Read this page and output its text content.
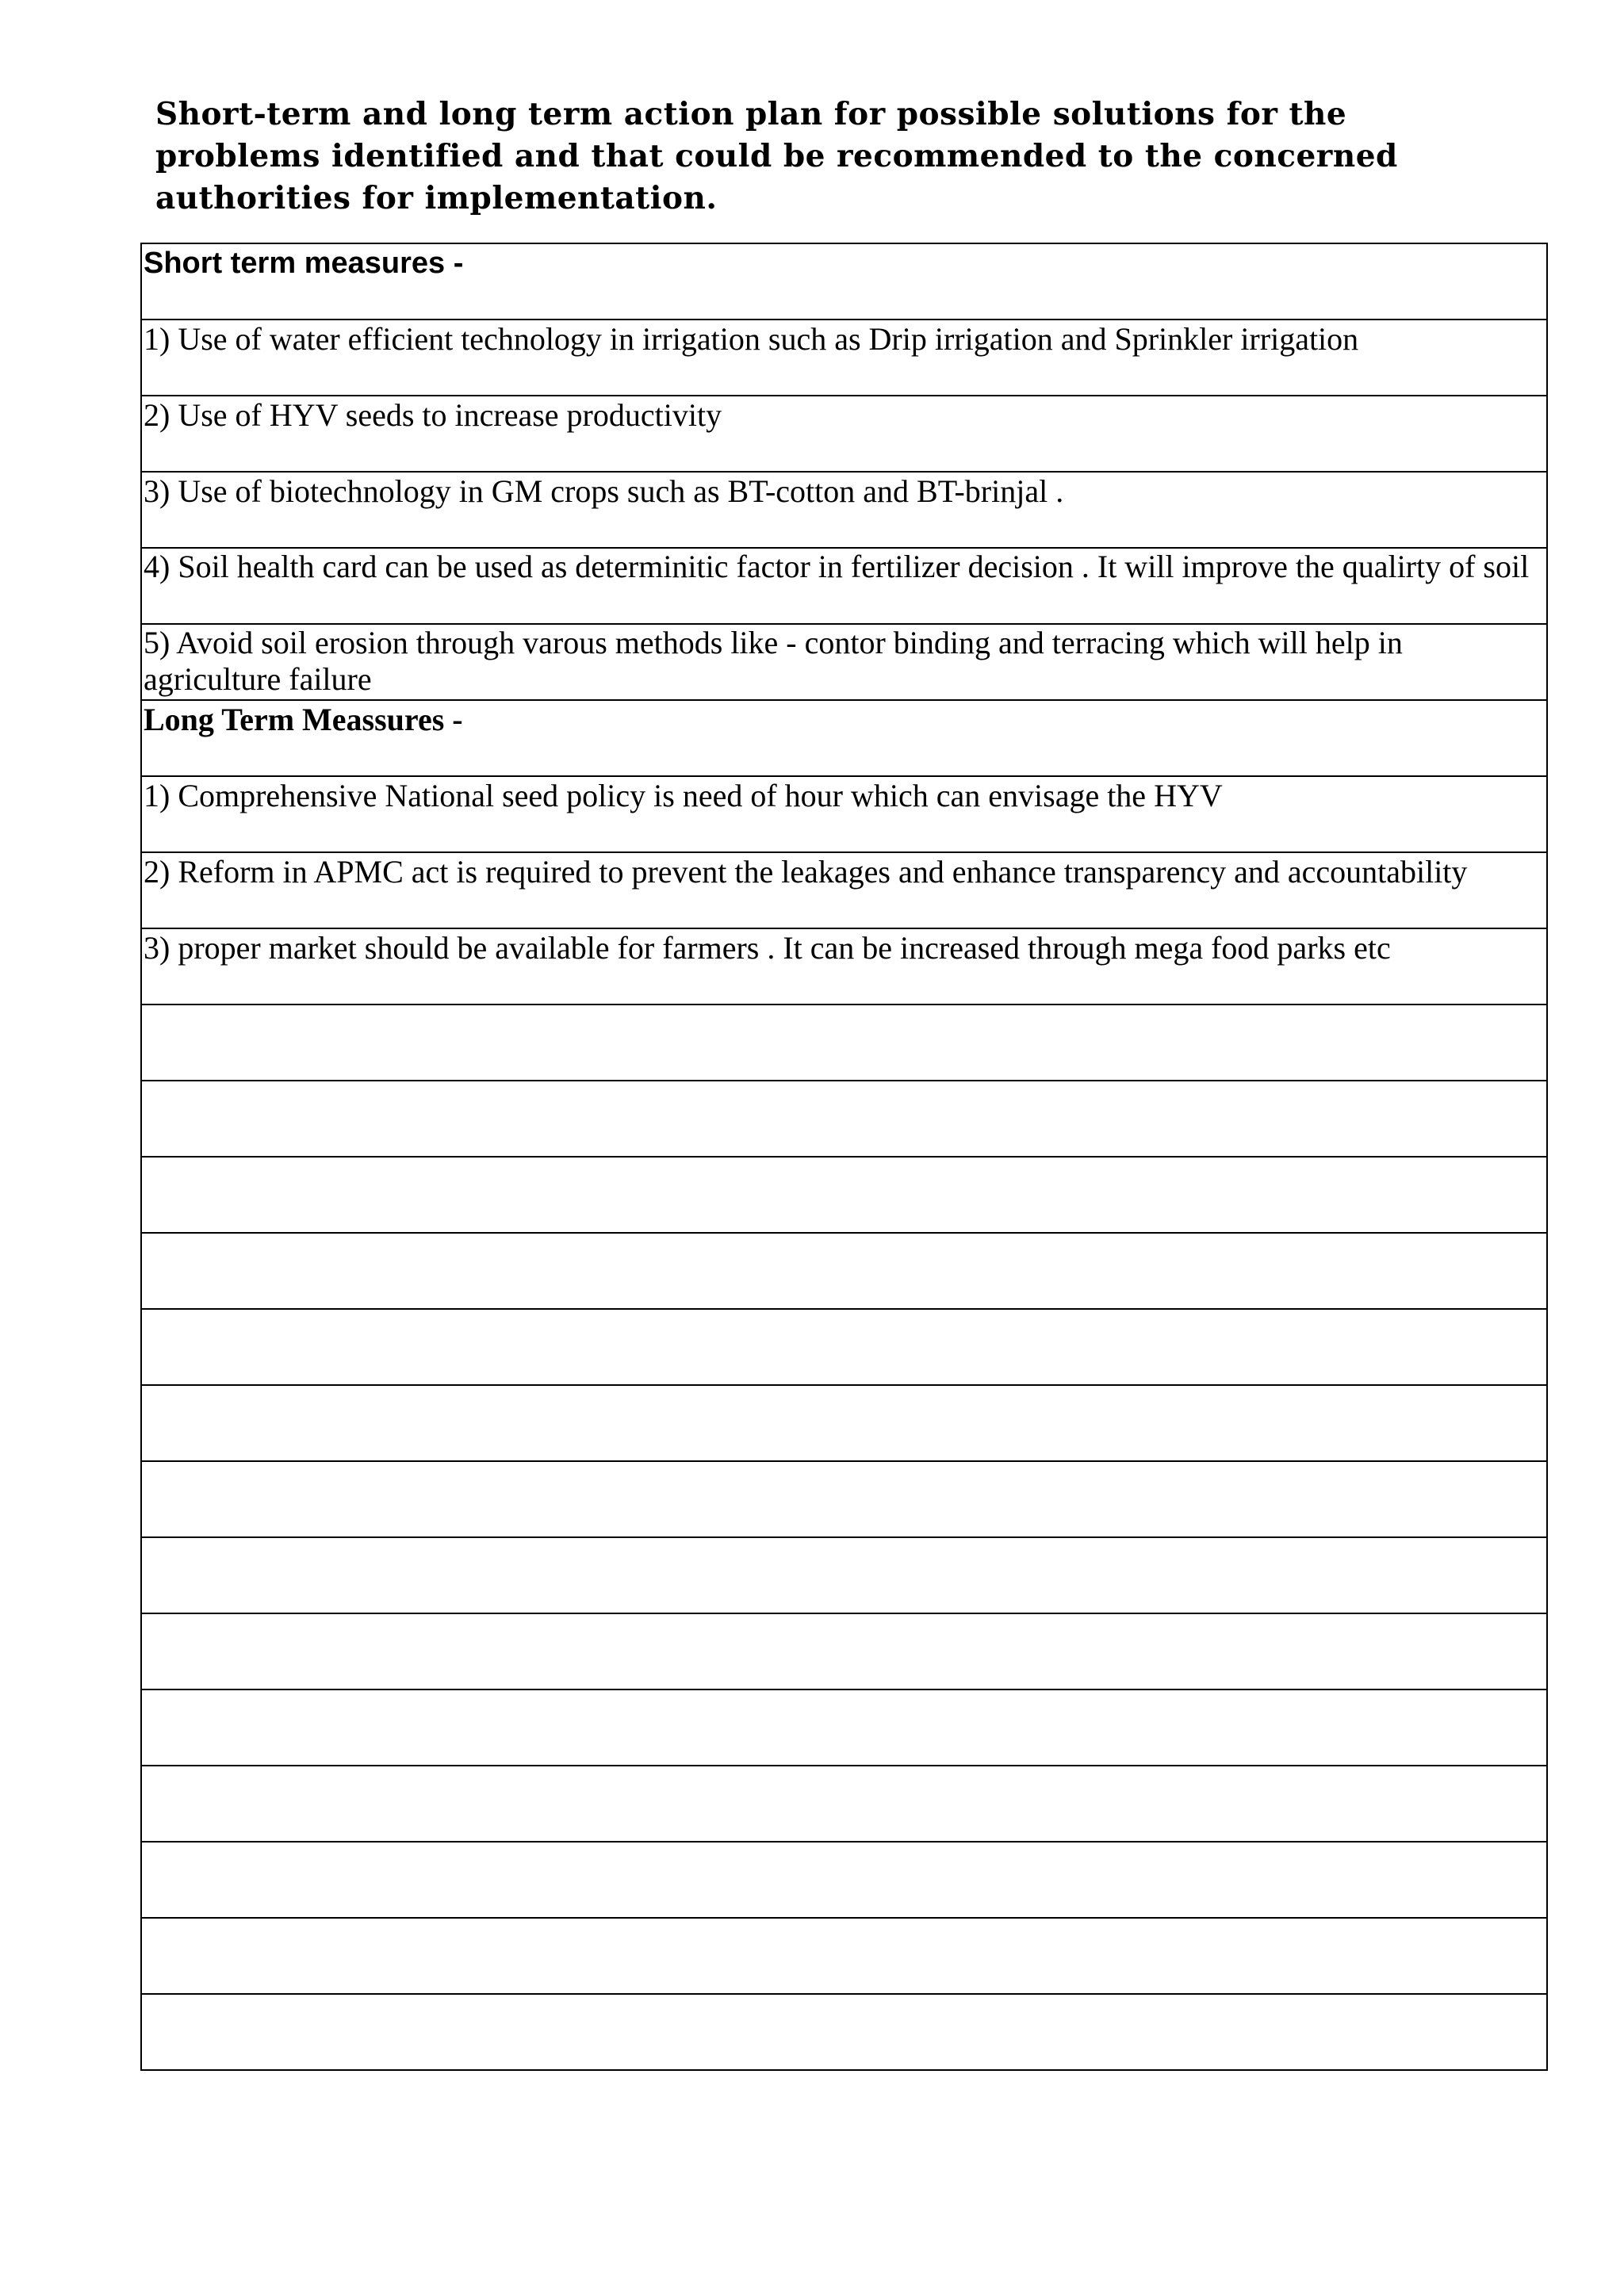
Short-term and long term action plan for possible solutions for the problems identified and that could be recommended to the concerned authorities for implementation.
Short term measures -
1) Use of water efficient technology in irrigation such as Drip irrigation and Sprinkler irrigation
2) Use of HYV seeds to increase productivity
3) Use of biotechnology in GM crops such as BT-cotton and BT-brinjal .
4) Soil health card can be used as determinitic factor in fertilizer decision . It will improve the qualirty of soil
5) Avoid soil erosion through varous methods like - contor binding and terracing which will help in agriculture failure
Long Term Meassures -
1) Comprehensive National seed policy is need of hour which can envisage the HYV
2) Reform in APMC act is required to prevent the leakages and enhance transparency and accountability
3) proper market should be available for farmers . It can be increased through mega food parks etc
